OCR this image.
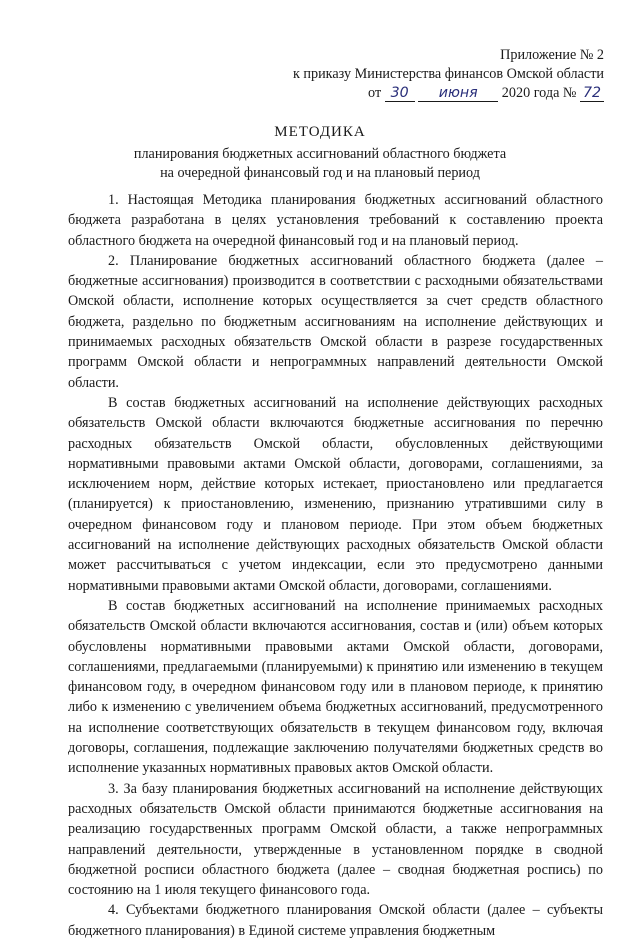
Приложение № 2
к приказу Министерства финансов Омской области
от 30 июня 2020 года № 72
МЕТОДИКА
планирования бюджетных ассигнований областного бюджета
на очередной финансовый год и на плановый период

1. Настоящая Методика планирования бюджетных ассигнований областного бюджета разработана в целях установления требований к составлению проекта областного бюджета на очередной финансовый год и на плановый период.

2. Планирование бюджетных ассигнований областного бюджета (далее – бюджетные ассигнования) производится в соответствии с расходными обязательствами Омской области, исполнение которых осуществляется за счет средств областного бюджета, раздельно по бюджетным ассигнованиям на исполнение действующих и принимаемых расходных обязательств Омской области в разрезе государственных программ Омской области и непрограммных направлений деятельности Омской области.

В состав бюджетных ассигнований на исполнение действующих расходных обязательств Омской области включаются бюджетные ассигнования по перечню расходных обязательств Омской области, обусловленных действующими нормативными правовыми актами Омской области, договорами, соглашениями, за исключением норм, действие которых истекает, приостановлено или предлагается (планируется) к приостановлению, изменению, признанию утратившими силу в очередном финансовом году и плановом периоде. При этом объем бюджетных ассигнований на исполнение действующих расходных обязательств Омской области может рассчитываться с учетом индексации, если это предусмотрено данными нормативными правовыми актами Омской области, договорами, соглашениями.

В состав бюджетных ассигнований на исполнение принимаемых расходных обязательств Омской области включаются ассигнования, состав и (или) объем которых обусловлены нормативными правовыми актами Омской области, договорами, соглашениями, предлагаемыми (планируемыми) к принятию или изменению в текущем финансовом году, в очередном финансовом году или в плановом периоде, к принятию либо к изменению с увеличением объема бюджетных ассигнований, предусмотренного на исполнение соответствующих обязательств в текущем финансовом году, включая договоры, соглашения, подлежащие заключению получателями бюджетных средств во исполнение указанных нормативных правовых актов Омской области.

3. За базу планирования бюджетных ассигнований на исполнение действующих расходных обязательств Омской области принимаются бюджетные ассигнования на реализацию государственных программ Омской области, а также непрограммных направлений деятельности, утвержденные в установленном порядке в сводной бюджетной росписи областного бюджета (далее – сводная бюджетная роспись) по состоянию на 1 июля текущего финансового года.

4. Субъектами бюджетного планирования Омской области (далее – субъекты бюджетного планирования) в Единой системе управления бюджетным
